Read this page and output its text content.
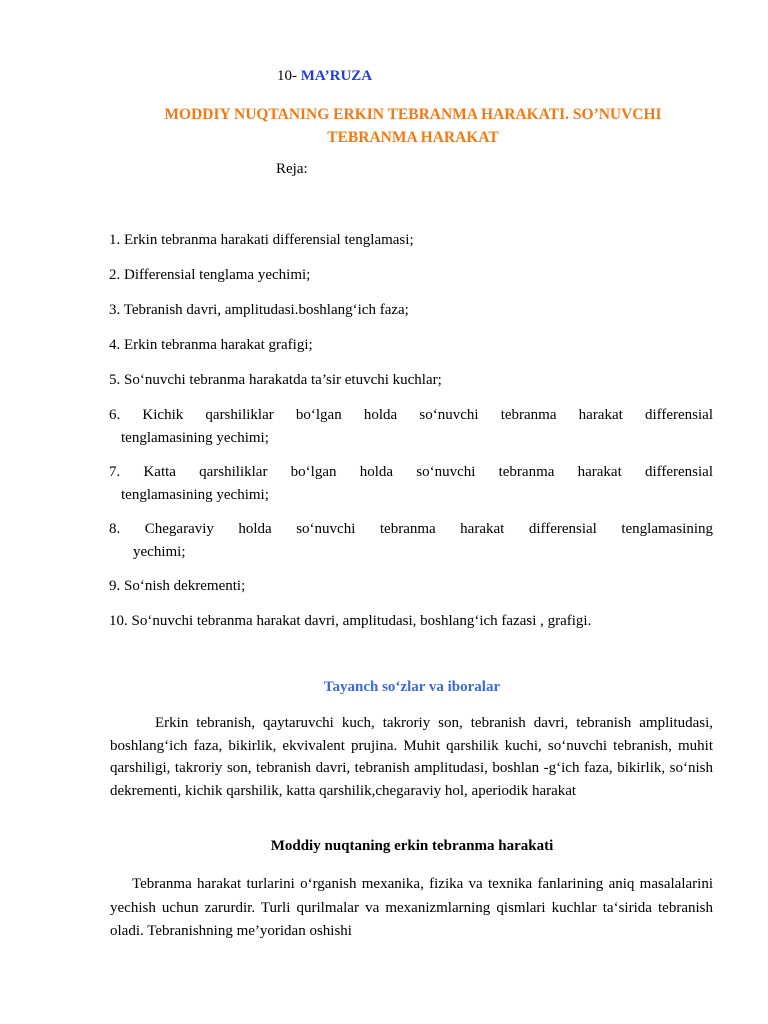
10- MA’RUZA
MODDIY NUQTANING ERKIN TEBRANMA HARAKATI. SO’NUVCHI
TEBRANMA HARAKAT
Reja:
1. Erkin tebranma harakati differensial tenglamasi;
2. Differensial tenglama yechimi;
3. Tebranish davri, amplitudasi.boshlang‘ich faza;
4. Erkin tebranma harakat grafigi;
5. So‘nuvchi tebranma harakatda ta’sir etuvchi kuchlar;
6. Kichik qarshiliklar bo‘lgan holda so‘nuvchi tebranma harakat differensial
tenglamasining yechimi;
7. Katta qarshiliklar bo‘lgan holda so‘nuvchi tebranma harakat differensial
tenglamasining yechimi;
8. Chegaraviy holda so‘nuvchi tebranma harakat differensial tenglamasining
yechimi;
9. So‘nish dekrementi;
10. So‘nuvchi tebranma harakat davri, amplitudasi, boshlang‘ich fazasi , grafigi.
Tayanch so‘zlar va iboralar

Erkin tebranish, qaytaruvchi kuch, takroriy son, tebranish davri, tebranish amplitudasi, boshlang‘ich faza, bikirlik, ekvivalent prujina. Muhit qarshilik kuchi, so‘nuvchi tebranish, muhit qarshiligi, takroriy son, tebranish davri, tebranish amplitudasi, boshlan -g‘ich faza, bikirlik, so‘nish dekrementi, kichik qarshilik, katta qarshilik,chegaraviy hol, aperiodik harakat

Moddiy nuqtaning erkin tebranma harakati

Tebranma harakat turlarini o‘rganish mexanika, fizika va texnika fanlarining aniq masalalarini yechish uchun zarurdir. Turli qurilmalar va mexanizmlarning qismlari kuchlar ta‘sirida tebranish oladi. Tebranishning me’yoridan oshishi
